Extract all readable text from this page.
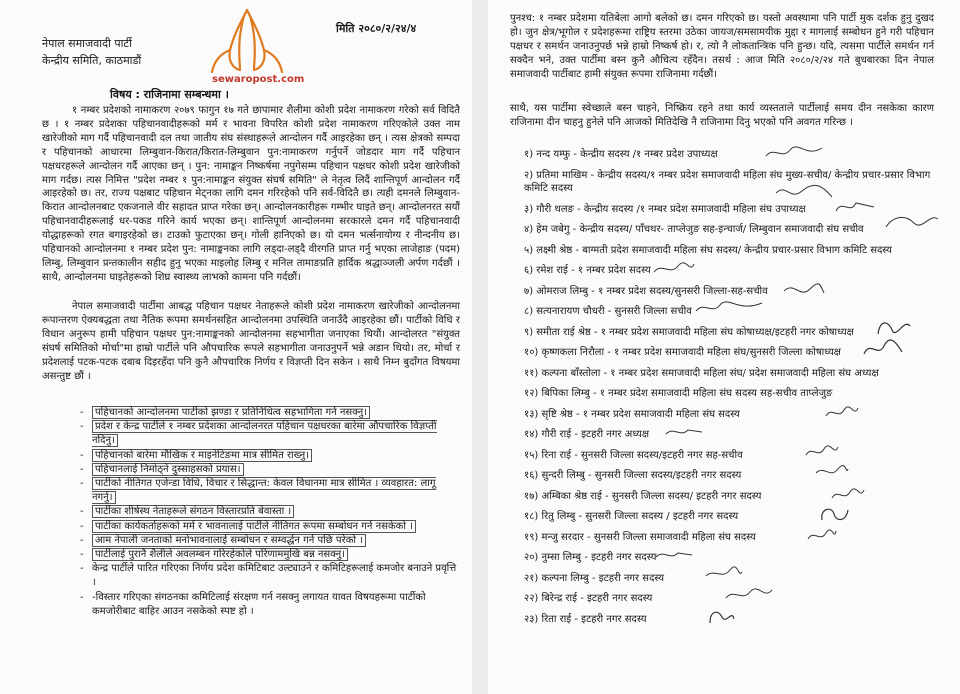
नेपाल समाजवादी पार्टी

केन्द्रीय समिति, काठमाडौं

sewaropost.com

मिति २०८०/२/२४/४

विषय : राजिनामा सम्बन्धमा ।

१ नम्बर प्रदेशको नामाकरण २०७९ फागुन १७ गते छापामार शैलीमा कोशी प्रदेश नामाकरण गरेको सर्व विदितै छ । १ नम्बर प्रदेशका पहिचानवादीहरूको मर्म र भावना विपरित कोशी प्रदेश नामाकरण गरिएकोले उक्त नाम खारेजीको माग गर्दै पहिचानवादी दल तथा जातीय संघ संस्थाहरूले आन्दोलन गर्दै आइरहेका छन् । त्यस क्षेत्रको सम्पदा र पहिचानको आधारमा लिम्बुवान-किरात/किरात-लिम्बुवान पुन:नामाकरण गर्नुपर्ने जोडदार माग गर्दै पहिचान पक्षधरहरूले आन्दोलन गर्दै आएका छन् । पुन: नामाङ्कन निष्कर्षमा नपुगेसम्म पहिचान पक्षधर कोशी प्रदेश खारेजीको माग गर्दछ। त्यस निमित्त "प्रदेश नम्बर १ पुन:नामाङ्कन संयुक्त संघर्ष समिति" ले नेतृत्व लिदैं शान्तिपूर्ण आन्दोलन गर्दै आइरहेको छ। तर, राज्य पक्षबाट पहिचान मेट्नका लागि दमन गरिरहेको पनि सर्व-विदितै छ। त्यही दमनले लिम्बुवान-किरात आन्दोलनबाट एकजनाले वीर सहादत प्राप्त गरेका छन्। आन्दोलनकारीहरू गम्भीर घाइते छन्। आन्दोलनरत सयौं पहिचानवादीहरूलाई धर-पकड गरिने कार्य भएका छन्। शान्तिपूर्ण आन्दोलनमा सरकारले दमन गर्दै पहिचानवादी योद्धाहरूको रगत बगाइरहेको छ। टाउको फुटाएका छन्। गोली हानिएको छ। यो दमन भर्त्सनायोग्य र नीन्दनीय छ। पहिचानको आन्दोलनमा १ नम्बर प्रदेश पुन: नामाङ्कनका लागि लड्दा-लड्दै वीरगति प्राप्त गर्नु भएका लाजेहाङ (पदम) लिम्बु, लिम्बुवान प्रन्तकालीन सहीद हुनु भएका माइलोह लिम्बु र मनिल तामाङप्रति हार्दिक श्रद्धाञ्जली अर्पण गर्दछौं । साथै, आन्दोलनमा घाइतेहरूको शिघ्र स्वास्थ्य लाभको कामना पनि गर्दछौं।

नेपाल समाजवादी पार्टीमा आबद्ध पहिचान पक्षधर नेताहरूले कोशी प्रदेश नामाकरण खारेजीको आन्दोलनमा रूपान्तरण ऐक्यबद्धता तथा नैतिक रूपमा समर्थनसहित आन्दोलनमा उपस्थिति जनाउँदै आइरहेका छौं। पार्टीको विधि र विधान अनुरूप हामी पहिचान पक्षधर पुन:नामाङ्कनको आन्दोलनमा सहभागीता जनाएका थियौं। आन्दोलरत "संयुक्त संघर्ष समितिको मोर्चा"मा हाम्रो पार्टीले पनि औपचारिक रूपले सहभागीता जनाउनुपर्ने भन्ने अडान थियो। तर, मोर्चा र प्रदेशलाई पटक-पटक दबाब दिइरहँदा पनि कुनै औपचारिक निर्णय र विज्ञप्ती दिन सकेन । साथै निम्न बुदाँगत विषयमा असन्तुष्ट छौं ।

- पहिचानको आन्दोलनमा पार्टीको झण्डा र प्रतिनिधित्व सहभागिता गर्न नसक्नु।
- प्रदेश र केन्द्र पार्टीले १ नम्बर प्रदेशका आन्दोलनरत पहिचान पक्षधरका बारेमा औपचारिक विज्ञप्ती नदिनु।
- पहिचानको बारेमा मौखिक र माइनेटिङमा मात्र सीमित राख्नु।
- पहिचानलाई निमोठ्ने दुस्साहसको प्रयास।
- पार्टीको नीतिगत एजेन्डा विधि, विचार र सिद्धान्त: केवल विधानमा मात्र सीमित । व्यवहारत: लागू नगर्नु।
- पार्टीका शीर्षस्थ नेताहरूले संगठन विस्तारप्रति बेवास्ता ।
- पार्टीका कार्यकर्ताहरूको मर्म र भावनालाई पार्टीले नीतिगत रूपमा सम्बोधन गर्न नसकेको ।
- आम नेपाली जनताको मनोभावनालाई सम्बोधन र सम्वर्द्धन गर्न पछि परेको ।
- पार्टीलाई पुरानै शैलीले अवलम्बन गरिरहेकोले परिणाममुखि बन्न नसक्नु।
- केन्द्र पार्टीले पारित गरिएका निर्णय प्रदेश कमिटिबाट उल्ट्याउने र कमिटिहरूलाई कमजोर बनाउने प्रवृत्ति ।
- -विस्तार गरिएका संगठनका कमिटिलाई संरक्षण गर्न नसक्नु लगायत यावत विषयहरूमा पार्टीको कमजोरीबाट बाहिर आउन नसकेको स्पष्ट हो ।

पुनश्च: १ नम्बर प्रदेशमा यतिबेला आगो बलेको छ। दमन गरिएको छ। यस्तो अवस्थामा पनि पार्टी मुक दर्शक हुनु दुखद हो। जुन क्षेत्र/भूगोल र प्रदेशहरूमा राष्ट्रिय स्तरमा उठेका जायज/समसामयीक मुद्दा र मागलाई सम्बोधन हुने गरी पहिचान पक्षधर र समर्थन जनाउनुपर्छ भन्ने हाम्रो निष्कर्ष हो। र, त्यो नै लोकतान्त्रिक पनि हुन्छ। यदि, त्यसमा पार्टीले समर्थन गर्न सक्दैन भने, उक्त पार्टीमा बस्न कुनै औचित्य रहँदैन। तसर्थ : आज मिति २०८०/२/२४ गते बुधबारका दिन नेपाल समाजवादी पार्टीबाट हामी संयुक्त रूपमा राजिनामा गर्दछौं।

साथै, यस पार्टीमा स्वेच्छाले बस्न चाहने, निष्क्रिय रहने तथा कार्य व्यस्तताले पार्टीलाई समय दीन नसकेका कारण राजिनामा दीन चाहनु हुनेले पनि आजको मितिदेखि नै राजिनामा दिनु भएको पनि अवगत गरिन्छ ।

१) नन्द यम्फु - केन्द्रीय सदस्य /१ नम्बर प्रदेश उपाध्यक्ष
२) प्रतिमा माखिम - केन्द्रीय सदस्य/१ नम्बर प्रदेश समाजवादी महिला संघ मुख्य-सचीव/ केन्द्रीय प्रचार-प्रसार विभाग कमिटि सदस्य
३) गौरी थलङ - केन्द्रीय सदस्य /१ नम्बर प्रदेश समाजवादी महिला संघ उपाध्यक्ष
४) हेम जबेगु - केन्द्रीय सदस्य/ पाँचथर- ताप्लेजुङ सह-इन्चार्ज/ लिम्बुवान समाजवादी संघ सचीव
५) लक्ष्मी श्रेष्ठ - बाग्मती प्रदेश समाजवादी महिला संघ सदस्य/ केन्द्रीय प्रचार-प्रसार विभाग कमिटि सदस्य
६) रमेश राई - १ नम्बर प्रदेश सदस्य
७) ओमराज लिम्बु - १ नम्बर प्रदेश सदस्य/सुनसरी जिल्ला-सह-सचीव
८) सत्यनारायण चौधरी - सुनसरी जिल्ला सचीव
९) समीता राई श्रेष्ठ - १ नम्बर प्रदेश समाजवादी महिला संघ कोषाध्यक्ष/इटहरी नगर कोषाध्यक्ष
१०) कृष्णकला निरौला - १ नम्बर प्रदेश समाजवादी महिला संघ/सुनसरी जिल्ला कोषाध्यक्ष
११) कल्पना बाँस्तोला - १ नम्बर प्रदेश समाजवादी महिला संघ/ प्रदेश समाजवादी महिला संघ अध्यक्ष
१२) बिपिका लिम्बु - १ नम्बर प्रदेश समाजवादी महिला संघ सदस्य सह-सचीव ताप्लेजुङ
१३) सृष्टि श्रेष्ठ - १ नम्बर प्रदेश समाजवादी महिला संघ सदस्य
१४) गौरी राई - इटहरी नगर अध्यक्ष
१५) रिना राई - सुनसरी जिल्ला सदस्य/इटहरी नगर सह-सचीव
१६) सुन्दरी लिम्बु - सुनसरी जिल्ला सदस्य/इटहरी नगर सदस्य
१७) अम्बिका श्रेष्ठ राई - सुनसरी जिल्ला सदस्य/ इटहरी नगर सदस्य
१८) रितु लिम्बु - सुनसरी जिल्ला सदस्य / इटहरी नगर सदस्य
१९) मन्जु सरदार - सुनसरी जिल्ला समाजवादी महिला संघ सदस्य
२०) नुम्सा लिम्बु - इटहरी नगर सदस्य
२१) कल्पना लिम्बु - इटहरी नगर सदस्य
२२) बिरेन्द्र राई - इटहरी नगर सदस्य
२३) रिता राई - इटहरी नगर सदस्य
